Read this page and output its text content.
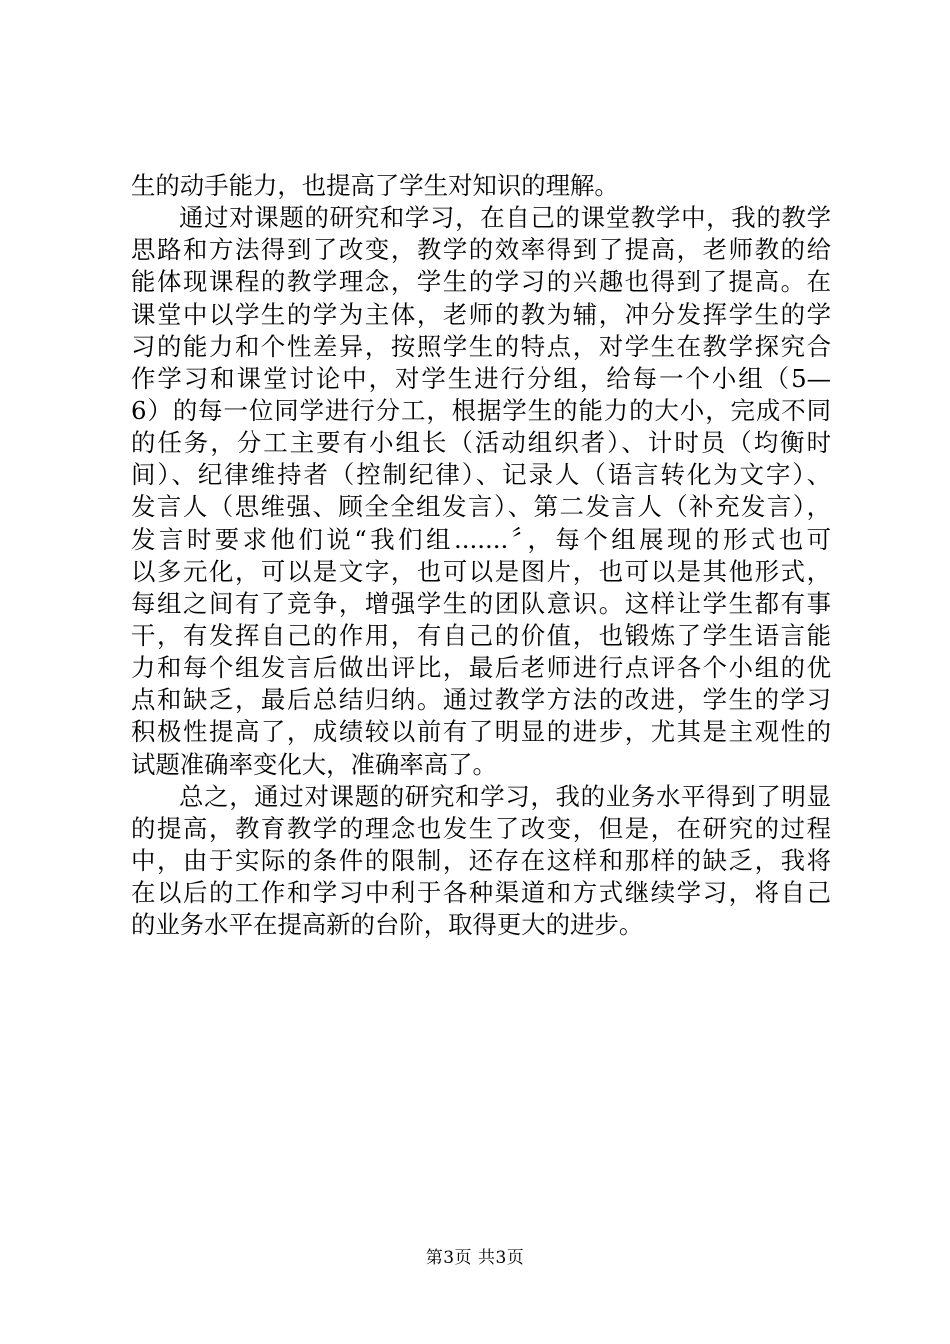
生的动手能力，也提高了学生对知识的理解。
通过对课题的研究和学习，在自己的课堂教学中，我的教学
思路和方法得到了改变，教学的效率得到了提高，老师教的给
能体现课程的教学理念，学生的学习的兴趣也得到了提高。在
课堂中以学生的学为主体，老师的教为辅，冲分发挥学生的学
习的能力和个性差异，按照学生的特点，对学生在教学探究合
作学习和课堂讨论中，对学生进行分组，给每一个小组（5—
6）的每一位同学进行分工，根据学生的能力的大小，完成不同
的任务，分工主要有小组长（活动组织者）、计时员（均衡时
间）、纪律维持者（控制纪律）、记录人（语言转化为文字）、
发言人（思维强、顾全全组发言）、第二发言人（补充发言），
发言时要求他们说“我们组.......〞，每个组展现的形式也可
以多元化，可以是文字，也可以是图片，也可以是其他形式，
每组之间有了竞争，增强学生的团队意识。这样让学生都有事
干，有发挥自己的作用，有自己的价值，也锻炼了学生语言能
力和每个组发言后做出评比，最后老师进行点评各个小组的优
点和缺乏，最后总结归纳。通过教学方法的改进，学生的学习
积极性提高了，成绩较以前有了明显的进步，尤其是主观性的
试题准确率变化大，准确率高了。
总之，通过对课题的研究和学习，我的业务水平得到了明显
的提高，教育教学的理念也发生了改变，但是，在研究的过程
中，由于实际的条件的限制，还存在这样和那样的缺乏，我将
在以后的工作和学习中利于各种渠道和方式继续学习，将自己
的业务水平在提高新的台阶，取得更大的进步。
第3页 共3页
